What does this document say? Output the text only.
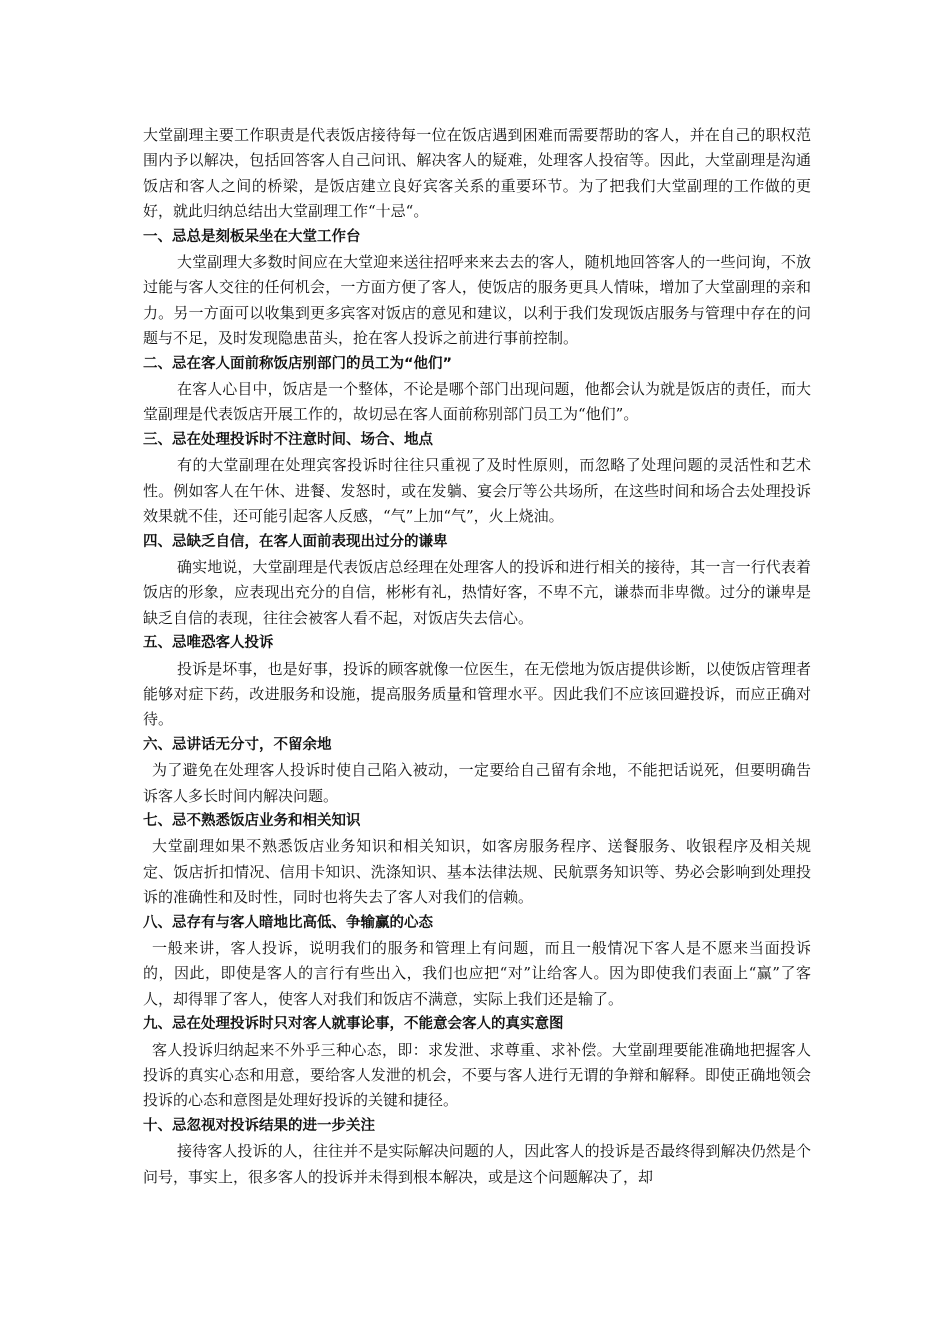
大堂副理主要工作职责是代表饭店接待每一位在饭店遇到困难而需要帮助的客人，并在自己的职权范围内予以解决，包括回答客人自己问讯、解决客人的疑难，处理客人投宿等。因此，大堂副理是沟通饭店和客人之间的桥梁，是饭店建立良好宾客关系的重要环节。为了把我们大堂副理的工作做的更好，就此归纳总结出大堂副理工作“十忌“。

一、忌总是刻板呆坐在大堂工作台

大堂副理大多数时间应在大堂迎来送往招呼来来去去的客人，随机地回答客人的一些问询，不放过能与客人交往的任何机会，一方面方便了客人，使饭店的服务更具人情味，增加了大堂副理的亲和力。另一方面可以收集到更多宾客对饭店的意见和建议，以利于我们发现饭店服务与管理中存在的问题与不足，及时发现隐患苗头，抢在客人投诉之前进行事前控制。

二、忌在客人面前称饭店别部门的员工为“他们”

在客人心目中，饭店是一个整体，不论是哪个部门出现问题，他都会认为就是饭店的责任，而大堂副理是代表饭店开展工作的，故切忌在客人面前称别部门员工为“他们”。

三、忌在处理投诉时不注意时间、场合、地点

有的大堂副理在处理宾客投诉时往往只重视了及时性原则，而忽略了处理问题的灵活性和艺术性。例如客人在午休、进餐、发怒时，或在发躺、宴会厅等公共场所，在这些时间和场合去处理投诉效果就不佳，还可能引起客人反感，“气”上加“气”，火上烧油。

四、忌缺乏自信，在客人面前表现出过分的谦卑

确实地说，大堂副理是代表饭店总经理在处理客人的投诉和进行相关的接待，其一言一行代表着饭店的形象，应表现出充分的自信，彬彬有礼，热情好客，不卑不亢，谦恭而非卑微。过分的谦卑是缺乏自信的表现，往往会被客人看不起，对饭店失去信心。

五、忌唯恐客人投诉

投诉是坏事，也是好事，投诉的顾客就像一位医生，在无偿地为饭店提供诊断，以使饭店管理者能够对症下药，改进服务和设施，提高服务质量和管理水平。因此我们不应该回避投诉，而应正确对待。

六、忌讲话无分寸，不留余地

为了避免在处理客人投诉时使自己陷入被动，一定要给自己留有余地，不能把话说死，但要明确告诉客人多长时间内解决问题。

七、忌不熟悉饭店业务和相关知识

大堂副理如果不熟悉饭店业务知识和相关知识，如客房服务程序、送餐服务、收银程序及相关规定、饭店折扣情况、信用卡知识、洗涤知识、基本法律法规、民航票务知识等、势必会影响到处理投诉的准确性和及时性，同时也将失去了客人对我们的信赖。

八、忌存有与客人暗地比高低、争输赢的心态

一般来讲，客人投诉，说明我们的服务和管理上有问题，而且一般情况下客人是不愿来当面投诉的，因此，即使是客人的言行有些出入，我们也应把“对”让给客人。因为即使我们表面上“赢”了客人，却得罪了客人，使客人对我们和饭店不满意，实际上我们还是输了。

九、忌在处理投诉时只对客人就事论事，不能意会客人的真实意图

客人投诉归纳起来不外乎三种心态，即：求发泄、求尊重、求补偿。大堂副理要能准确地把握客人投诉的真实心态和用意，要给客人发泄的机会，不要与客人进行无谓的争辩和解释。即使正确地领会投诉的心态和意图是处理好投诉的关键和捷径。

十、忌忽视对投诉结果的进一步关注

接待客人投诉的人，往往并不是实际解决问题的人，因此客人的投诉是否最终得到解决仍然是个问号，事实上，很多客人的投诉并未得到根本解决，或是这个问题解决了，却
